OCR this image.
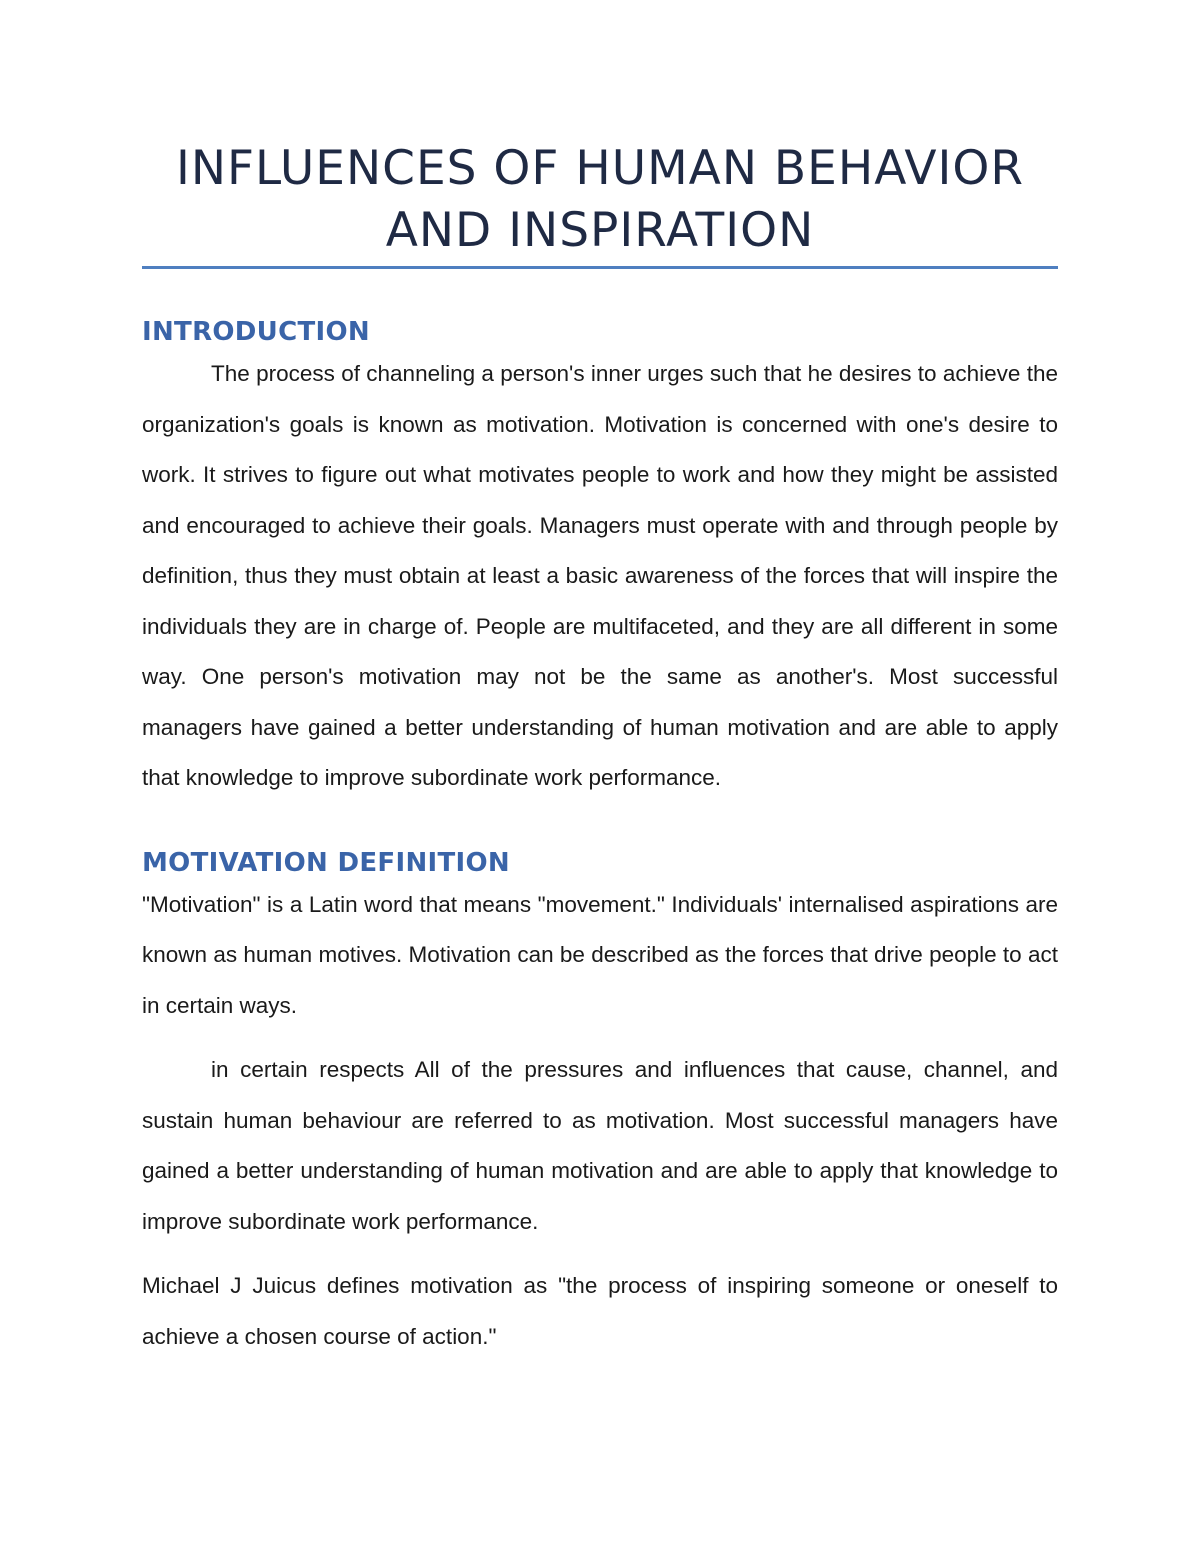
INFLUENCES OF HUMAN BEHAVIOR AND INSPIRATION
INTRODUCTION

The process of channeling a person's inner urges such that he desires to achieve the organization's goals is known as motivation. Motivation is concerned with one's desire to work. It strives to figure out what motivates people to work and how they might be assisted and encouraged to achieve their goals. Managers must operate with and through people by definition, thus they must obtain at least a basic awareness of the forces that will inspire the individuals they are in charge of. People are multifaceted, and they are all different in some way. One person's motivation may not be the same as another's. Most successful managers have gained a better understanding of human motivation and are able to apply that knowledge to improve subordinate work performance.

MOTIVATION DEFINITION

"Motivation" is a Latin word that means "movement." Individuals' internalised aspirations are known as human motives. Motivation can be described as the forces that drive people to act in certain ways.

in certain respects All of the pressures and influences that cause, channel, and sustain human behaviour are referred to as motivation. Most successful managers have gained a better understanding of human motivation and are able to apply that knowledge to improve subordinate work performance.

Michael J Juicus defines motivation as "the process of inspiring someone or oneself to achieve a chosen course of action."
